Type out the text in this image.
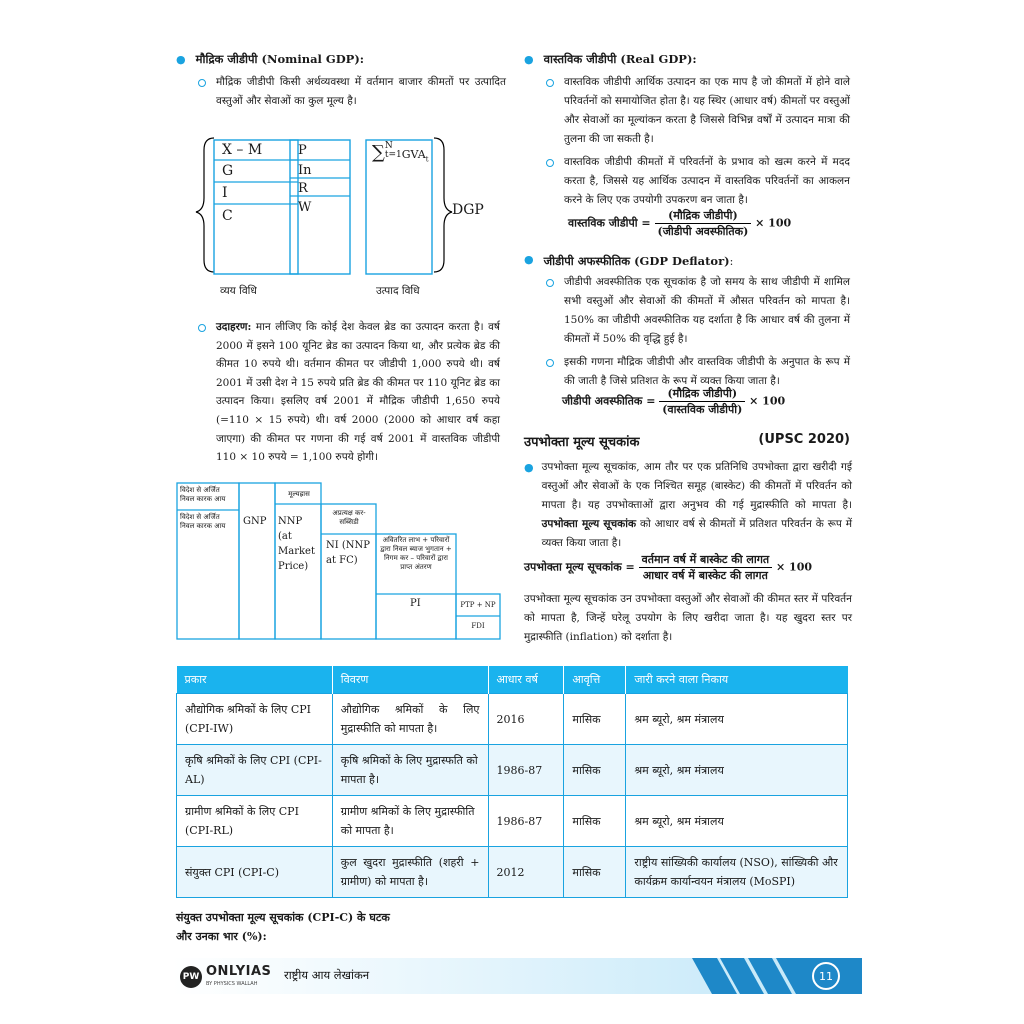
● मौद्रिक जीडीपी (Nominal GDP):

मौद्रिक जीडीपी किसी अर्थव्यवस्था में वर्तमान बाजार कीमतों पर उत्पादित वस्तुओं और सेवाओं का कुल मूल्य है।

X – M
G
I
C
P
In
R
W
∑N
$t=1GVA_t$
DGP
व्यय विधि	उत्पाद विधि

उदाहरण: मान लीजिए कि कोई देश केवल ब्रेड का उत्पादन करता है। वर्ष 2000 में इसने 100 यूनिट ब्रेड का उत्पादन किया था, और प्रत्येक ब्रेड की कीमत 10 रुपये थी। वर्तमान कीमत पर जीडीपी 1,000 रुपये थी। वर्ष 2001 में उसी देश ने 15 रुपये प्रति ब्रेड की कीमत पर 110 यूनिट ब्रेड का उत्पादन किया। इसलिए वर्ष 2001 में मौद्रिक जीडीपी 1,650 रुपये (=110 × 15 रुपये) थी। वर्ष 2000 (2000 को आधार वर्ष कहा जाएगा) की कीमत पर गणना की गई वर्ष 2001 में वास्तविक जीडीपी 110 × 10 रुपये = 1,100 रुपये होगी।

विदेश से अर्जित निवल कारक आय
विदेश से अर्जित निवल कारक आय	GNP
मूल्यह्रास
NNP (at Market Price)
अप्रत्यक्ष कर- सब्सिडी
NI (NNP at FC)
अवितरित लाभ + परिवारों द्वारा निवल ब्याज भुगतान + निगम कर – परिवारों द्वारा प्राप्त अंतरण
PI	PTP + NP
FDI
● वास्तविक जीडीपी (Real GDP):

वास्तविक जीडीपी आर्थिक उत्पादन का एक माप है जो कीमतों में होने वाले परिवर्तनों को समायोजित होता है। यह स्थिर (आधार वर्ष) कीमतों पर वस्तुओं और सेवाओं का मूल्यांकन करता है जिससे विभिन्न वर्षों में उत्पादन मात्रा की तुलना की जा सकती है।

वास्तविक जीडीपी कीमतों में परिवर्तनों के प्रभाव को खत्म करने में मदद करता है, जिससे यह आर्थिक उत्पादन में वास्तविक परिवर्तनों का आकलन करने के लिए एक उपयोगी उपकरण बन जाता है।

वास्तविक जीडीपी = $\frac{\text{(मौद्रिक जीडीपी)}}{\text{(जीडीपी अवस्फीतिक)}} \times 100$
● जीडीपी अफस्फीतिक (GDP Deflator):

जीडीपी अवस्फीतिक एक सूचकांक है जो समय के साथ जीडीपी में शामिल सभी वस्तुओं और सेवाओं की कीमतों में औसत परिवर्तन को मापता है। 150% का जीडीपी अवस्फीतिक यह दर्शाता है कि आधार वर्ष की तुलना में कीमतों में 50% की वृद्धि हुई है।

इसकी गणना मौद्रिक जीडीपी और वास्तविक जीडीपी के अनुपात के रूप में की जाती है जिसे प्रतिशत के रूप में व्यक्त किया जाता है।

जीडीपी अवस्फीतिक = $\frac{\text{(मौद्रिक जीडीपी)}}{\text{(वास्तविक जीडीपी)}} \times 100$
उपभोक्ता मूल्य सूचकांक	(UPSC 2020)
● उपभोक्ता मूल्य सूचकांक, आम तौर पर एक प्रतिनिधि उपभोक्ता द्वारा खरीदी गई वस्तुओं और सेवाओं के एक निश्चित समूह (बास्केट) की कीमतों में परिवर्तन को मापता है। यह उपभोक्ताओं द्वारा अनुभव की गई मुद्रास्फीति को मापता है। उपभोक्ता मूल्य सूचकांक को आधार वर्ष से कीमतों में प्रतिशत परिवर्तन के रूप में व्यक्त किया जाता है।

उपभोक्ता मूल्य सूचकांक = $\frac{\text{वर्तमान वर्ष में बास्केट की लागत}}{\text{आधार वर्ष में बास्केट की लागत}} \times 100$

उपभोक्ता मूल्य सूचकांक उन उपभोक्ता वस्तुओं और सेवाओं की कीमत स्तर में परिवर्तन को मापता है, जिन्हें घरेलू उपयोग के लिए खरीदा जाता है। यह खुदरा स्तर पर मुद्रास्फीति (inflation) को दर्शाता है।

प्रकार	विवरण	आधार वर्ष	आवृत्ति	जारी करने वाला निकाय
औद्योगिक श्रमिकों के लिए CPI (CPI-IW)	औद्योगिक श्रमिकों के लिए मुद्रास्फीति को मापता है।	2016	मासिक	श्रम ब्यूरो, श्रम मंत्रालय
कृषि श्रमिकों के लिए CPI (CPI-AL)	कृषि श्रमिकों के लिए मुद्रास्फति को मापता है।	1986-87	मासिक	श्रम ब्यूरो, श्रम मंत्रालय
ग्रामीण श्रमिकों के लिए CPI (CPI-RL)	ग्रामीण श्रमिकों के लिए मुद्रास्फीति को मापता है।	1986-87	मासिक	श्रम ब्यूरो, श्रम मंत्रालय
संयुक्त CPI (CPI-C)	कुल खुदरा मुद्रास्फीति (शहरी + ग्रामीण) को मापता है।	2012	मासिक	राष्ट्रीय सांख्यिकी कार्यालय (NSO), सांख्यिकी और कार्यक्रम कार्यान्वयन मंत्रालय (MoSPI)

संयुक्त उपभोक्ता मूल्य सूचकांक (CPI-C) के घटक और उनका भार (%):

PW ONLYIAS
BY PHYSICS WALLAH
राष्ट्रीय आय लेखांकन	11
